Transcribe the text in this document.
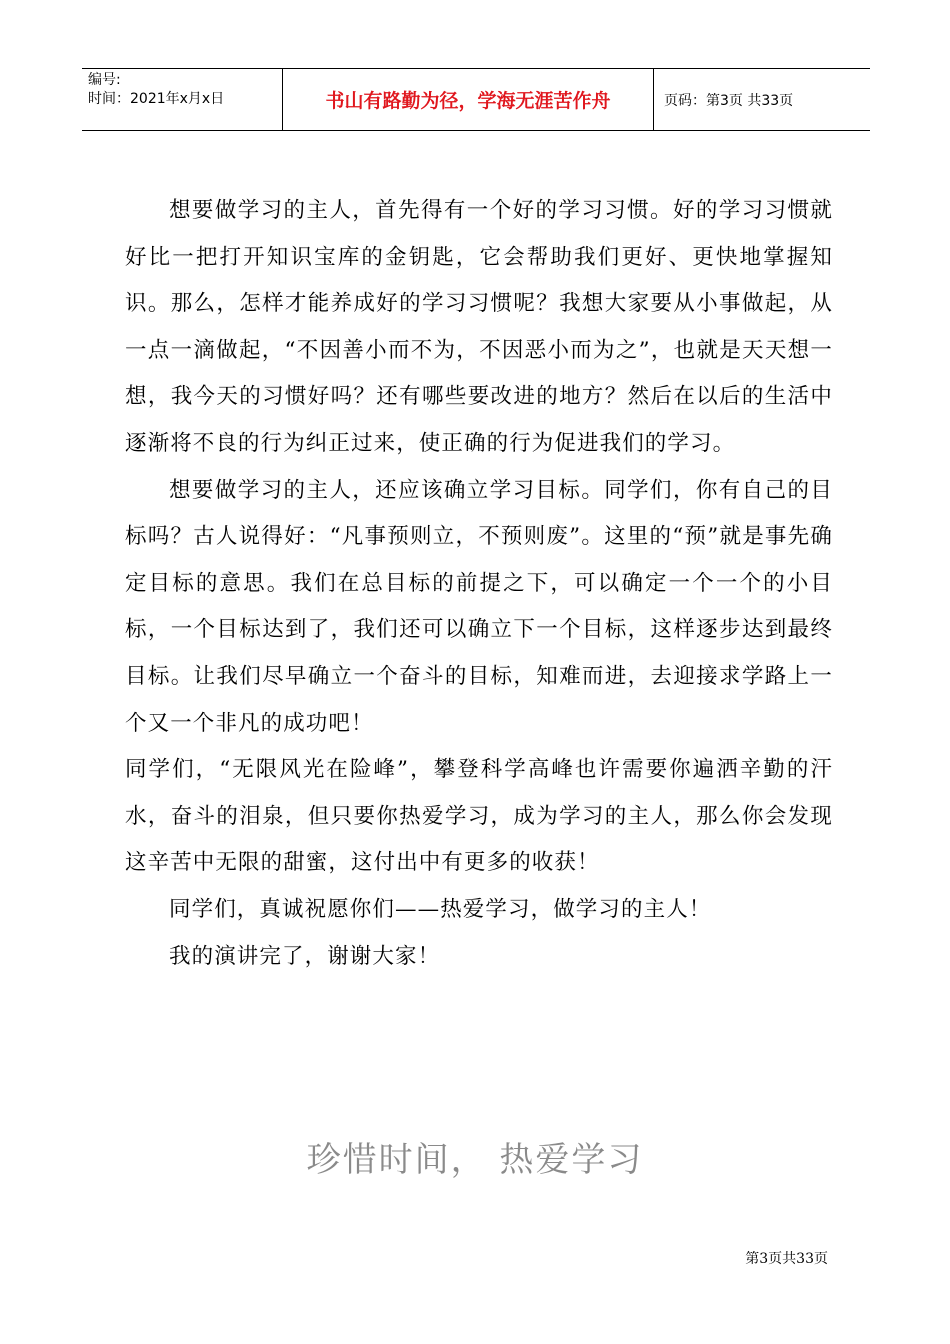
编号:
时间：2021年x月x日	书山有路勤为径，学海无涯苦作舟	页码：第3页 共33页

想要做学习的主人，首先得有一个好的学习习惯。好的学习习惯就好比一把打开知识宝库的金钥匙，它会帮助我们更好、更快地掌握知识。那么，怎样才能养成好的学习习惯呢？我想大家要从小事做起，从一点一滴做起，“不因善小而不为，不因恶小而为之”，也就是天天想一想，我今天的习惯好吗？还有哪些要改进的地方？然后在以后的生活中逐渐将不良的行为纠正过来，使正确的行为促进我们的学习。

想要做学习的主人，还应该确立学习目标。同学们，你有自己的目标吗？古人说得好：“凡事预则立，不预则废”。这里的“预”就是事先确定目标的意思。我们在总目标的前提之下，可以确定一个一个的小目标，一个目标达到了，我们还可以确立下一个目标，这样逐步达到最终目标。让我们尽早确立一个奋斗的目标，知难而进，去迎接求学路上一个又一个非凡的成功吧！

同学们，“无限风光在险峰”，攀登科学高峰也许需要你遍洒辛勤的汗水，奋斗的泪泉，但只要你热爱学习，成为学习的主人，那么你会发现这辛苦中无限的甜蜜，这付出中有更多的收获！

同学们，真诚祝愿你们——热爱学习，做学习的主人！

我的演讲完了，谢谢大家！

珍惜时间， 热爱学习
第3页共33页
